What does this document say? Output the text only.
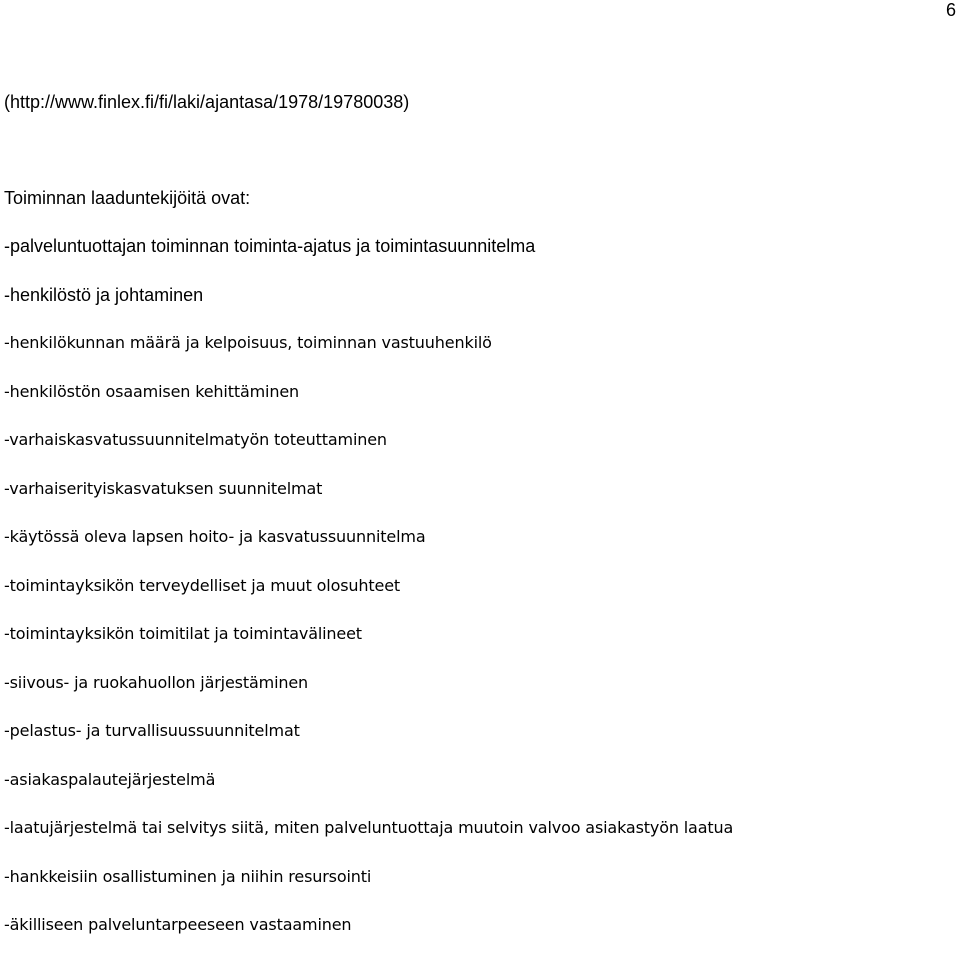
6
(http://www.finlex.fi/fi/laki/ajantasa/1978/19780038)
Toiminnan laaduntekijöitä ovat:
-palveluntuottajan toiminnan toiminta-ajatus ja toimintasuunnitelma
-henkilöstö ja johtaminen
-henkilökunnan määrä ja kelpoisuus, toiminnan vastuuhenkilö
-henkilöstön osaamisen kehittäminen
-varhaiskasvatussuunnitelmatyön toteuttaminen
-varhaiserityiskasvatuksen suunnitelmat
-käytössä oleva lapsen hoito- ja kasvatussuunnitelma
-toimintayksikön terveydelliset ja muut olosuhteet
-toimintayksikön toimitilat ja toimintavälineet
-siivous- ja ruokahuollon järjestäminen
-pelastus- ja turvallisuussuunnitelmat
-asiakaspalautejärjestelmä
-laatujärjestelmä tai selvitys siitä, miten palveluntuottaja muutoin valvoo asiakastyön laatua
-hankkeisiin osallistuminen ja niihin resursointi
-äkilliseen palveluntarpeeseen vastaaminen
